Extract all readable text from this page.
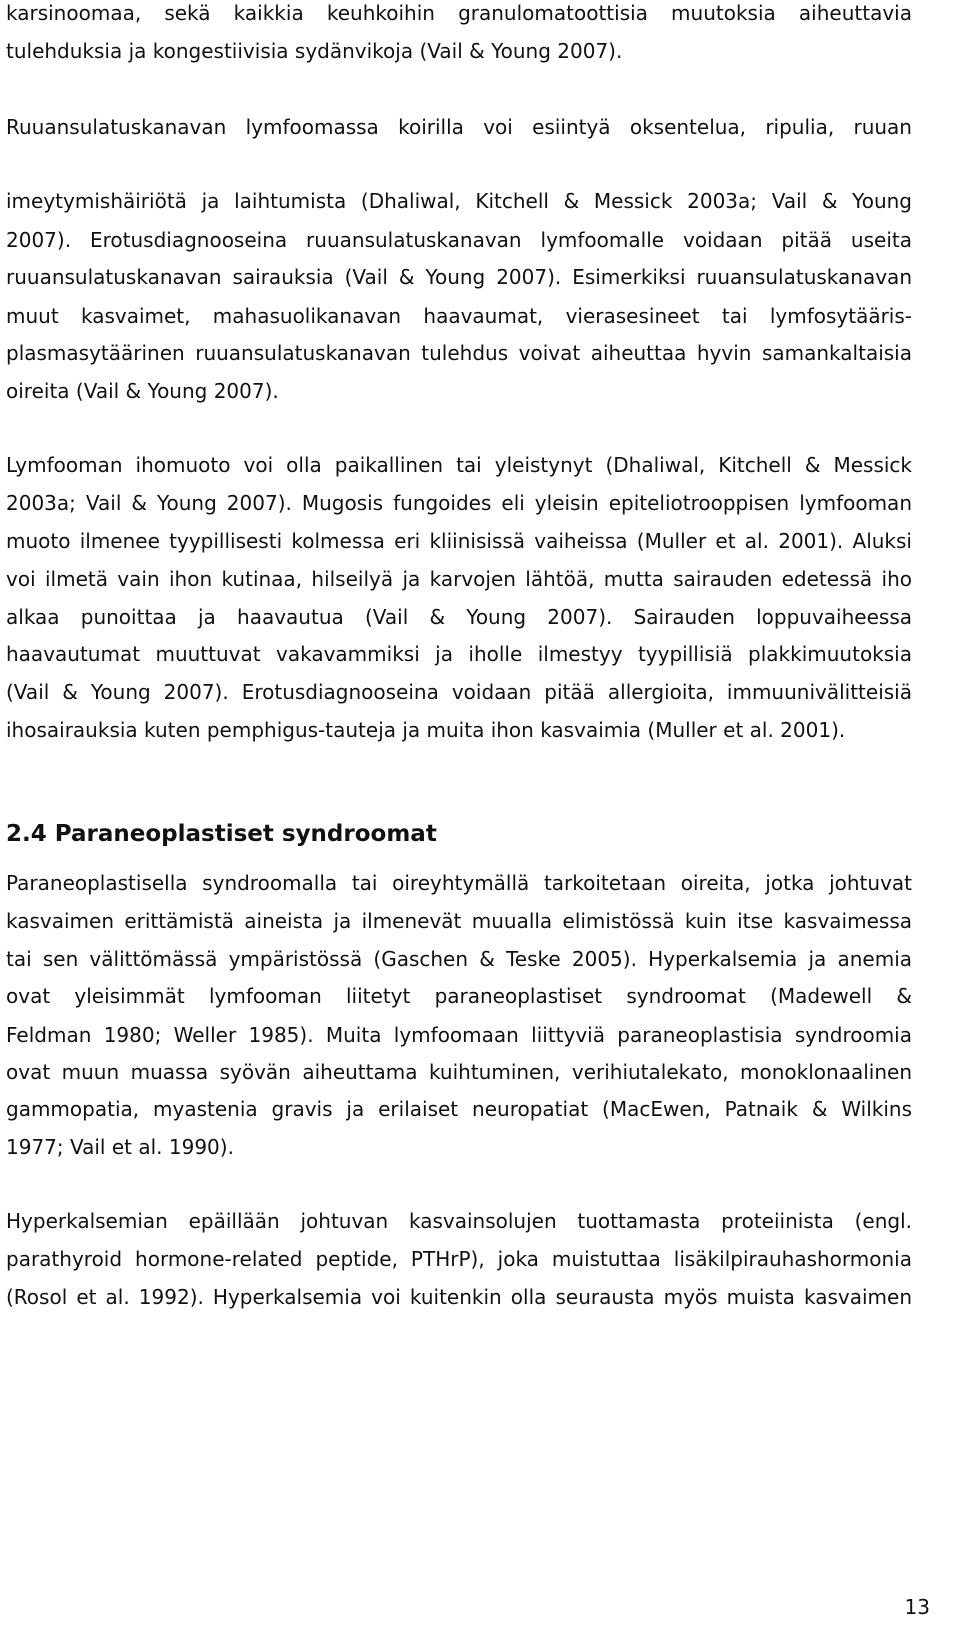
karsinoomaa, sekä kaikkia keuhkoihin granulomatoottisia muutoksia aiheuttavia

tulehduksia ja kongestiivisia sydänvikoja (Vail & Young 2007).

Ruuansulatuskanavan lymfoomassa koirilla voi esiintyä oksentelua, ripulia, ruuan

imeytymishäiriötä ja laihtumista (Dhaliwal, Kitchell & Messick 2003a; Vail & Young

2007). Erotusdiagnooseina ruuansulatuskanavan lymfoomalle voidaan pitää useita

ruuansulatuskanavan sairauksia (Vail & Young 2007). Esimerkiksi ruuansulatuskanavan

muut kasvaimet, mahasuolikanavan haavaumat, vierasesineet tai lymfosytääris-

plasmasytäärinen ruuansulatuskanavan tulehdus voivat aiheuttaa hyvin samankaltaisia

oireita (Vail & Young 2007).

Lymfooman ihomuoto voi olla paikallinen tai yleistynyt (Dhaliwal, Kitchell & Messick

2003a; Vail & Young 2007). Mugosis fungoides eli yleisin epiteliotrooppisen lymfooman

muoto ilmenee tyypillisesti kolmessa eri kliinisissä vaiheissa (Muller et al. 2001). Aluksi

voi ilmetä vain ihon kutinaa, hilseilyä ja karvojen lähtöä, mutta sairauden edetessä iho

alkaa punoittaa ja haavautua (Vail & Young 2007). Sairauden loppuvaiheessa

haavautumat muuttuvat vakavammiksi ja iholle ilmestyy tyypillisiä plakkimuutoksia

(Vail & Young 2007). Erotusdiagnooseina voidaan pitää allergioita, immuunivälitteisiä

ihosairauksia kuten pemphigus-tauteja ja muita ihon kasvaimia (Muller et al. 2001).

2.4 Paraneoplastiset syndroomat

Paraneoplastisella syndroomalla tai oireyhtymällä tarkoitetaan oireita, jotka johtuvat

kasvaimen erittämistä aineista ja ilmenevät muualla elimistössä kuin itse kasvaimessa

tai sen välittömässä ympäristössä (Gaschen & Teske 2005). Hyperkalsemia ja anemia

ovat yleisimmät lymfooman liitetyt paraneoplastiset syndroomat (Madewell &

Feldman 1980; Weller 1985). Muita lymfoomaan liittyviä paraneoplastisia syndroomia

ovat muun muassa syövän aiheuttama kuihtuminen, verihiutalekato, monoklonaalinen

gammopatia, myastenia gravis ja erilaiset neuropatiat (MacEwen, Patnaik & Wilkins

1977; Vail et al. 1990).

Hyperkalsemian epäillään johtuvan kasvainsolujen tuottamasta proteiinista (engl.

parathyroid hormone-related peptide, PTHrP), joka muistuttaa lisäkilpirauhashormonia

(Rosol et al. 1992). Hyperkalsemia voi kuitenkin olla seurausta myös muista kasvaimen

13
